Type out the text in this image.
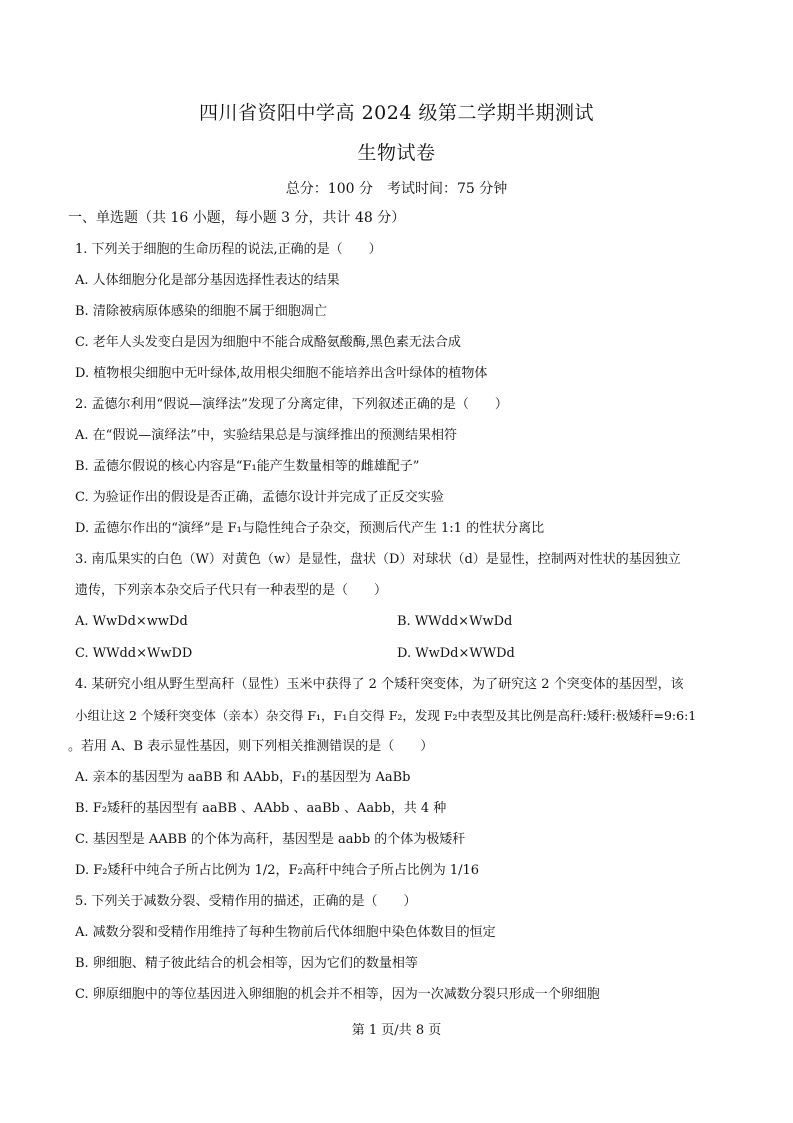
四川省资阳中学高 2024 级第二学期半期测试
生物试卷
总分：100 分　考试时间：75 分钟
一、单选题（共 16 小题，每小题 3 分，共计 48 分）
1. 下列关于细胞的生命历程的说法,正确的是（　　）
A. 人体细胞分化是部分基因选择性表达的结果
B. 清除被病原体感染的细胞不属于细胞凋亡
C. 老年人头发变白是因为细胞中不能合成酪氨酸酶,黑色素无法合成
D. 植物根尖细胞中无叶绿体,故用根尖细胞不能培养出含叶绿体的植物体
2. 孟德尔利用“假说—演绎法”发现了分离定律，下列叙述正确的是（　　）
A. 在“假说—演绎法”中，实验结果总是与演绎推出的预测结果相符
B. 孟德尔假说的核心内容是“F₁能产生数量相等的雌雄配子”
C. 为验证作出的假设是否正确，孟德尔设计并完成了正反交实验
D. 孟德尔作出的“演绎”是 F₁与隐性纯合子杂交，预测后代产生 1:1 的性状分离比
3. 南瓜果实的白色（W）对黄色（w）是显性，盘状（D）对球状（d）是显性，控制两对性状的基因独立
遗传，下列亲本杂交后子代只有一种表型的是（　　）
A. WwDd×wwDd	B. WWdd×WwDd
C. WWdd×WwDD	D. WwDd×WWDd
4. 某研究小组从野生型高秆（显性）玉米中获得了 2 个矮秆突变体，为了研究这 2 个突变体的基因型，该
小组让这 2 个矮秆突变体（亲本）杂交得 F₁，F₁自交得 F₂，发现 F₂中表型及其比例是高秆:矮秆:极矮秆=9:6:1
。若用 A、B 表示显性基因，则下列相关推测错误的是（　　）
A. 亲本的基因型为 aaBB 和 AAbb，F₁的基因型为 AaBb
B. F₂矮秆的基因型有 aaBB 、AAbb 、aaBb 、Aabb，共 4 种
C. 基因型是 AABB 的个体为高秆，基因型是 aabb 的个体为极矮秆
D. F₂矮秆中纯合子所占比例为 1/2，F₂高秆中纯合子所占比例为 1/16
5. 下列关于减数分裂、受精作用的描述，正确的是（　　）
A. 减数分裂和受精作用维持了每种生物前后代体细胞中染色体数目的恒定
B. 卵细胞、精子彼此结合的机会相等，因为它们的数量相等
C. 卵原细胞中的等位基因进入卵细胞的机会并不相等，因为一次减数分裂只形成一个卵细胞
第 1 页/共 8 页
